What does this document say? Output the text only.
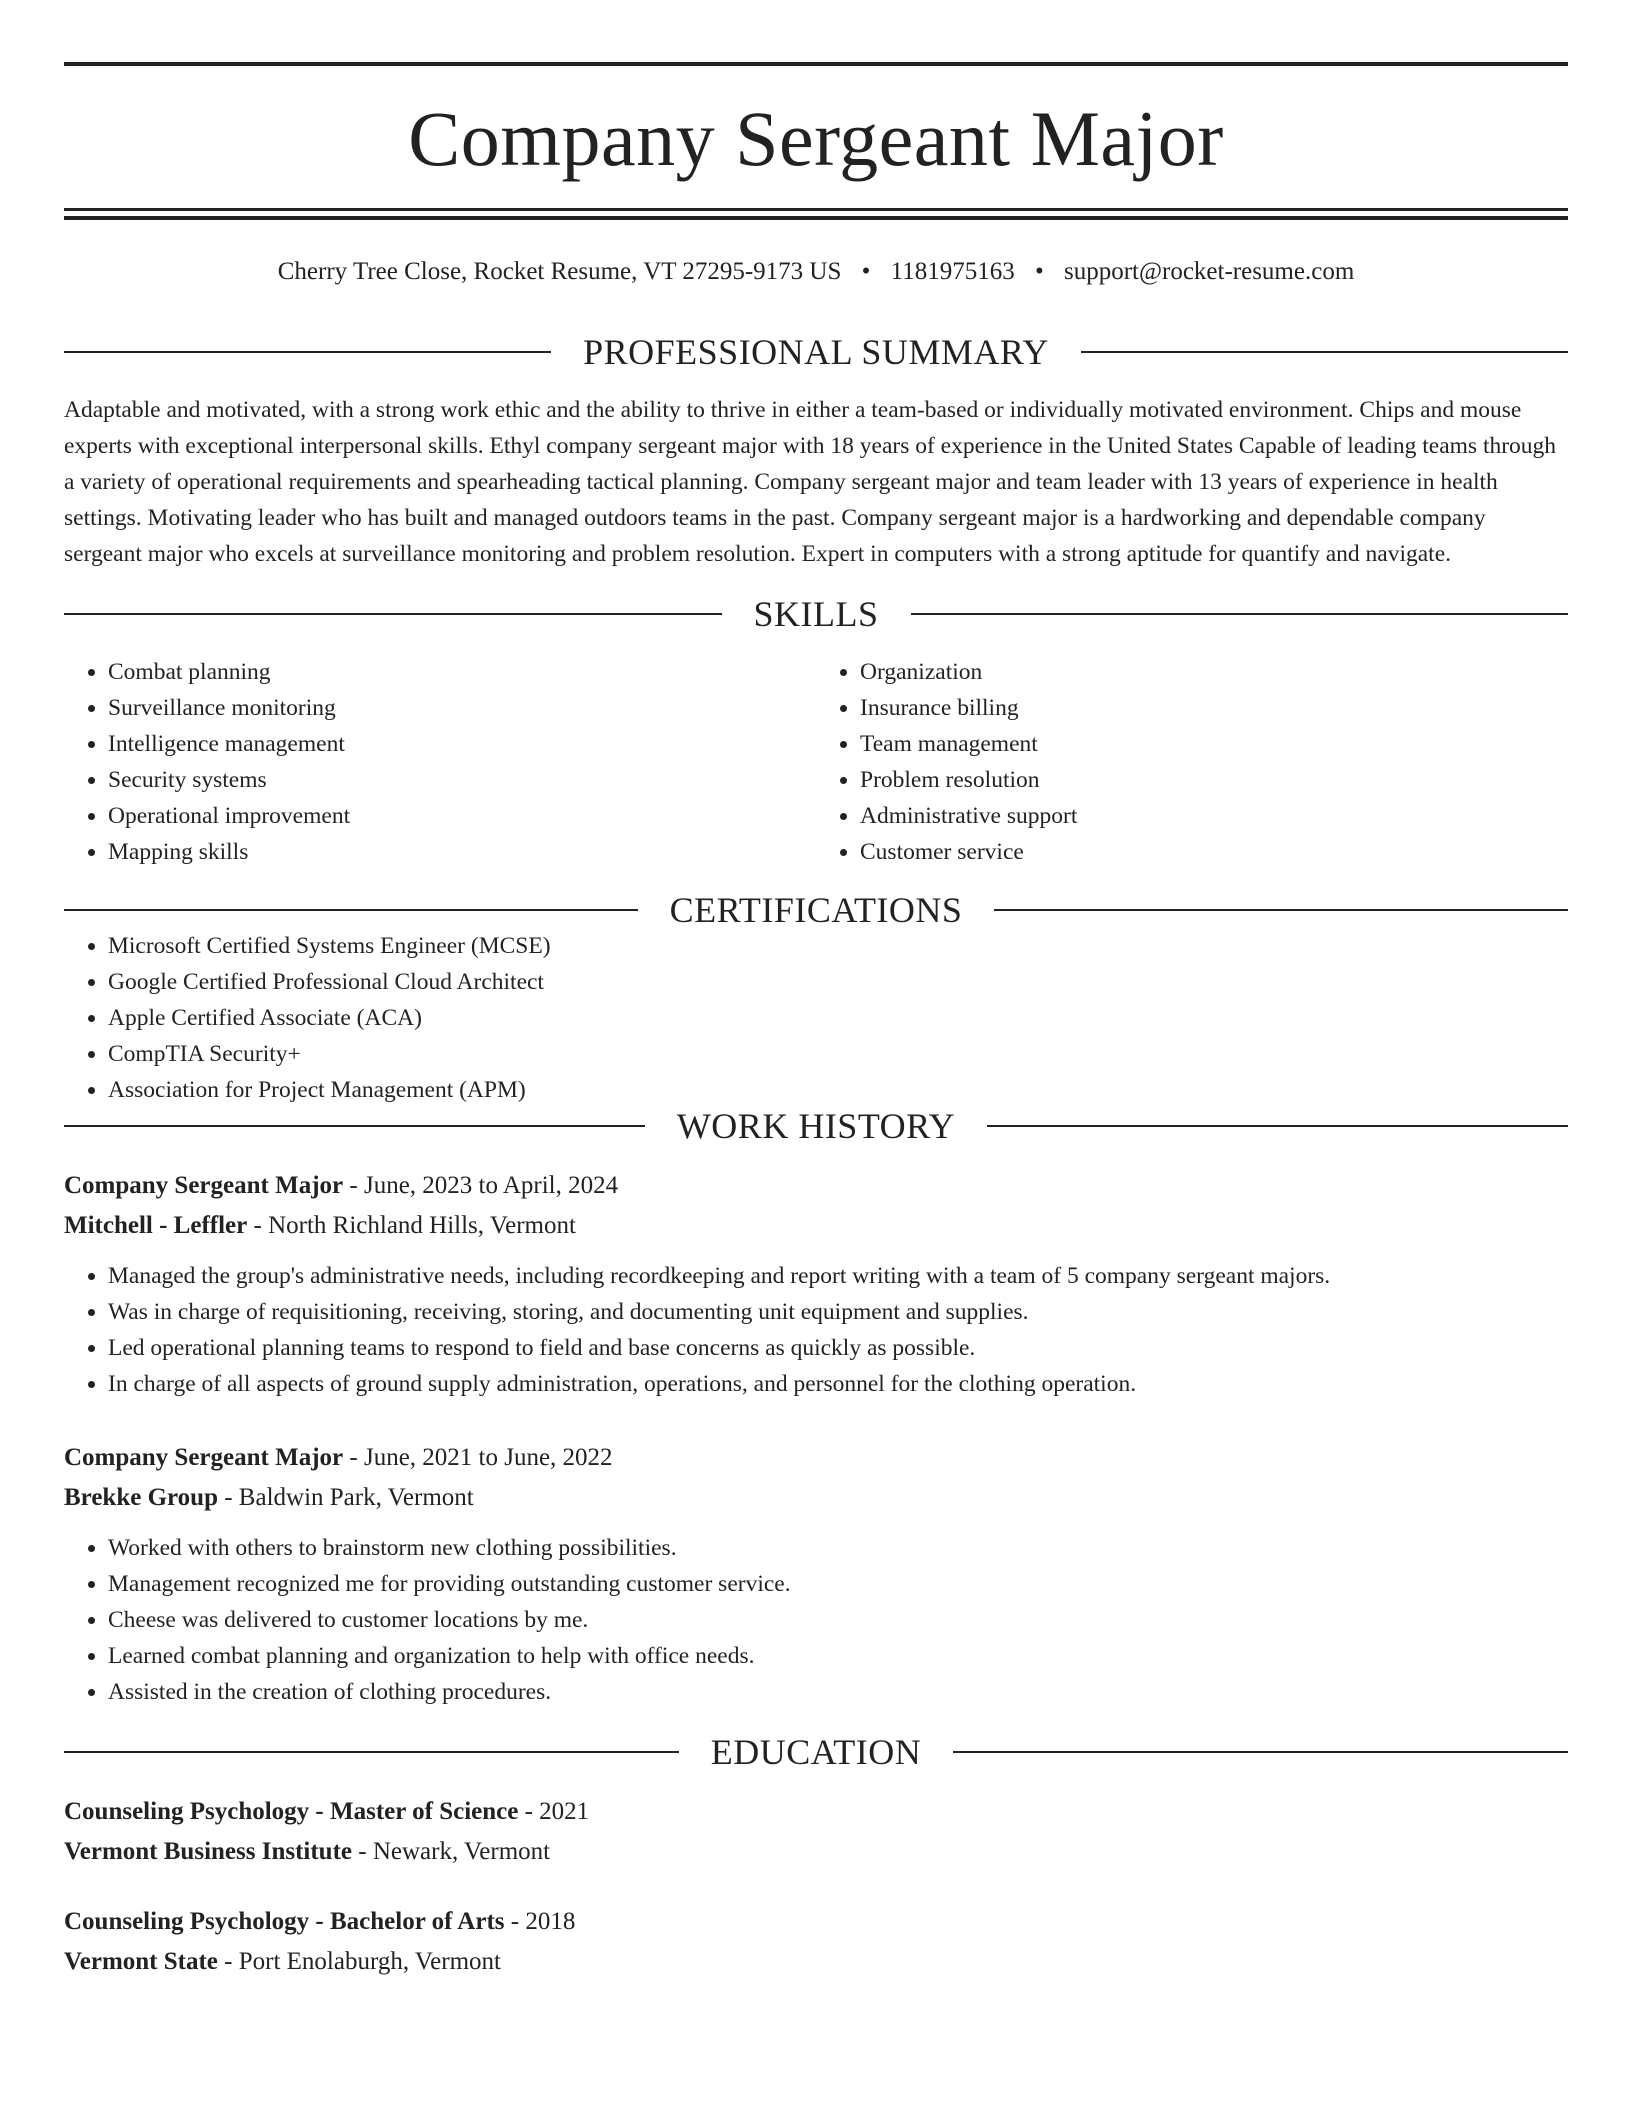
Company Sergeant Major
Cherry Tree Close, Rocket Resume, VT 27295-9173 US • 1181975163 • support@rocket-resume.com
PROFESSIONAL SUMMARY

Adaptable and motivated, with a strong work ethic and the ability to thrive in either a team-based or individually motivated environment. Chips and mouse experts with exceptional interpersonal skills. Ethyl company sergeant major with 18 years of experience in the United States Capable of leading teams through a variety of operational requirements and spearheading tactical planning. Company sergeant major and team leader with 13 years of experience in health settings. Motivating leader who has built and managed outdoors teams in the past. Company sergeant major is a hardworking and dependable company sergeant major who excels at surveillance monitoring and problem resolution. Expert in computers with a strong aptitude for quantify and navigate.

SKILLS
• Combat planning
• Surveillance monitoring
• Intelligence management
• Security systems
• Operational improvement
• Mapping skills
• Organization
• Insurance billing
• Team management
• Problem resolution
• Administrative support
• Customer service
CERTIFICATIONS
• Microsoft Certified Systems Engineer (MCSE)
• Google Certified Professional Cloud Architect
• Apple Certified Associate (ACA)
• CompTIA Security+
• Association for Project Management (APM)
WORK HISTORY
Company Sergeant Major - June, 2023 to April, 2024
Mitchell - Leffler - North Richland Hills, Vermont
• Managed the group's administrative needs, including recordkeeping and report writing with a team of 5 company sergeant majors.
• Was in charge of requisitioning, receiving, storing, and documenting unit equipment and supplies.
• Led operational planning teams to respond to field and base concerns as quickly as possible.
• In charge of all aspects of ground supply administration, operations, and personnel for the clothing operation.
Company Sergeant Major - June, 2021 to June, 2022
Brekke Group - Baldwin Park, Vermont
• Worked with others to brainstorm new clothing possibilities.
• Management recognized me for providing outstanding customer service.
• Cheese was delivered to customer locations by me.
• Learned combat planning and organization to help with office needs.
• Assisted in the creation of clothing procedures.
EDUCATION
Counseling Psychology - Master of Science - 2021
Vermont Business Institute - Newark, Vermont
Counseling Psychology - Bachelor of Arts - 2018
Vermont State - Port Enolaburgh, Vermont
